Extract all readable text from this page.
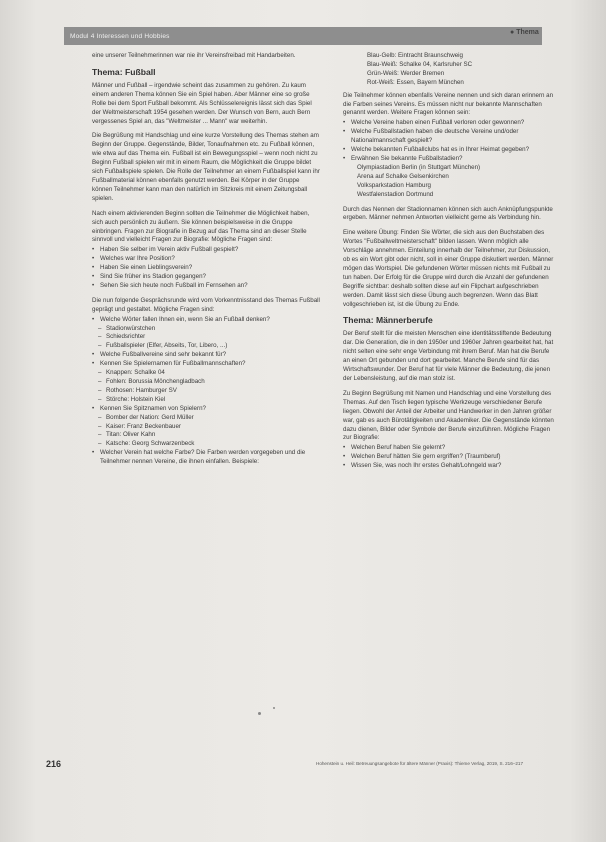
Modul 4 Interessen und Hobbies	● Thema

eine unserer Teilnehmerinnen war nie ihr Vereinsfreibad mit Handarbeiten.

Thema: Fußball

Männer und Fußball – irgendwie scheint das zusammen zu gehören. Zu kaum einem anderen Thema können Sie ein Spiel haben. Aber Männer eine so große Rolle bei dem Sport Fußball bekommt. Als Schlüsselereignis lässt sich das Spiel der Weltmeisterschaft 1954 gesehen werden. Der Wunsch von Bern, auch Bern vergessenes Spiel an, das "Weltmeister ... Mann" war weiterhin.

Die Begrüßung mit Handschlag und eine kurze Vorstellung des Themas stehen am Beginn der Gruppe. Gegenstände, Bilder, Tonaufnahmen etc. zu Fußball können, wie etwa auf das Thema ein. Fußball ist ein Bewegungsspiel – wenn noch nicht zu Beginn Fußball spielen wir mit in einem Raum, die Möglichkeit die Gruppe bildet sich Fußballspiele spielen. Die Rolle der Teilnehmer an einem Fußballspiel kann ihr Fußballmaterial können ebenfalls genutzt werden. Bei Körper in der Gruppe können Teilnehmer kann man den natürlich im Sitzkreis mit einem Zeitungsball spielen.

Nach einem aktivierenden Beginn sollten die Teilnehmer die Möglichkeit haben, sich auch persönlich zu äußern. Sie können beispielsweise in die Gruppe einbringen. Fragen zur Biografie in Bezug auf das Thema sind an dieser Stelle sinnvoll und vielleicht Fragen zur Biografie: Mögliche Fragen sind:

• Haben Sie selber im Verein aktiv Fußball gespielt?
• Welches war Ihre Position?
• Haben Sie einen Lieblingsverein?
• Sind Sie früher ins Stadion gegangen?
• Sehen Sie sich heute noch Fußball im Fernsehen an?

Die nun folgende Gesprächsrunde wird vom Vorkenntnisstand des Themas Fußball geprägt und gestaltet. Mögliche Fragen sind:

• Welche Wörter fallen Ihnen ein, wenn Sie an Fußball denken?
– Stadionwürstchen
– Schiedsrichter
– Fußballspieler (Elfer, Abseits, Tor, Libero, ...)
• Welche Fußballvereine sind sehr bekannt für?
• Kennen Sie Spielernamen für Fußballmannschaften?
– Knappen: Schalke 04
– Fohlen: Borussia Mönchengladbach
– Rothosen: Hamburger SV
– Störche: Holstein Kiel
• Kennen Sie Spitznamen von Spielern?
– Bomber der Nation: Gerd Müller
– Kaiser: Franz Beckenbauer
– Titan: Oliver Kahn
– Katsche: Georg Schwarzenbeck
• Welcher Verein hat welche Farbe? Die Farben werden vorgegeben und die Teilnehmer nennen Vereine, die ihnen einfallen. Beispiele:
Blau-Gelb: Eintracht Braunschweig
Blau-Weiß: Schalke 04, Karlsruher SC
Grün-Weiß: Werder Bremen
Rot-Weiß: Essen, Bayern München

Die Teilnehmer können ebenfalls Vereine nennen und sich daran erinnern an die Farben seines Vereins. Es müssen nicht nur bekannte Mannschaften genannt werden. Weitere Fragen können sein:

• Welche Vereine haben einen Fußball verloren oder gewonnen?
• Welche Fußballstadien haben die deutsche Vereine und/oder Nationalmannschaft gespielt?
• Welche bekannten Fußballclubs hat es in Ihrer Heimat gegeben?
• Erwähnen Sie bekannte Fußballstadien?
Olympiastadion Berlin (in Stuttgart München)
Arena auf Schalke Gelsenkirchen
Volksparkstadion Hamburg
Westfalenstadion Dortmund

Durch das Nennen der Stadionnamen können sich auch Anknüpfungspunkte ergeben. Männer nehmen Antworten vielleicht gerne als Verbindung hin.

Eine weitere Übung: Finden Sie Wörter, die sich aus den Buchstaben des Wortes "Fußballweltmeisterschaft" bilden lassen. Wenn möglich alle Vorschläge annehmen. Einteilung innerhalb der Teilnehmer, zur Diskussion, ob es ein Wort gibt oder nicht, soll in einer Gruppe diskutiert werden. Männer mögen das Wortspiel. Die gefundenen Wörter müssen nichts mit Fußball zu tun haben. Der Erfolg für die Gruppe wird durch die Anzahl der gefundenen Begriffe sichtbar: deshalb sollten diese auf ein Flipchart aufgeschrieben werden. Damit lässt sich diese Übung auch begrenzen. Wenn das Blatt vollgeschrieben ist, ist die Übung zu Ende.

Thema: Männerberufe

Der Beruf stellt für die meisten Menschen eine identitätsstiftende Bedeutung dar. Die Generation, die in den 1950er und 1960er Jahren gearbeitet hat, hat nicht selten eine sehr enge Verbindung mit ihrem Beruf. Man hat die Berufe an einen Ort gebunden und dort gearbeitet. Manche Berufe sind für das Wirtschaftswunder. Der Beruf hat für viele Männer die Bedeutung, die jenen der Lebensleistung, auf die man stolz ist.

Zu Beginn Begrüßung mit Namen und Handschlag und eine Vorstellung des Themas. Auf den Tisch liegen typische Werkzeuge verschiedener Berufe liegen. Obwohl der Anteil der Arbeiter und Handwerker in den Jahren größer war, gab es auch Bürotätigkeiten und Akademiker. Die Gegenstände könnten dazu dienen, Bilder oder Symbole der Berufe einzuführen. Mögliche Fragen zur Biografie:

• Welchen Beruf haben Sie gelernt?
• Welchen Beruf hätten Sie gern ergriffen? (Traumberuf)
• Wissen Sie, was noch Ihr erstes Gehalt/Lohngeld war?
216	Hohenstein u. Heil: Betreuungsangebote für ältere Männer (Praxis): Thieme Verlag, 2019, S. 216–217
